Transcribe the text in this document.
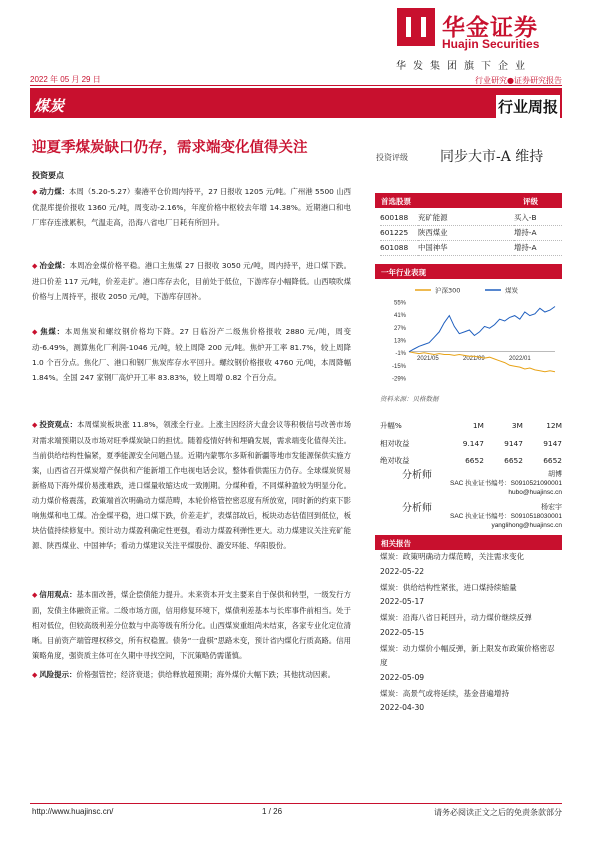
华金证券
Huajin Securities
华发集团旗下企业
2022 年 05 月 29 日	行业研究●证券研究报告
煤炭	行业周报
迎夏季煤炭缺口仍存，需求端变化值得关注
投资要点
◆ 动力煤：本周（5.20-5.27）秦港平仓价周内持平，27 日报收 1205 元/吨。广州港 5500 山西优混库提价报收 1360 元/吨，周变动-2.16%，年度价格中枢较去年增 14.38%。近期港口和电厂库存连涨累积，气温走高，沿海八省电厂日耗有所回升。
◆ 冶金煤：本周冶金煤价格平稳。港口主焦煤 27 日报收 3050 元/吨，周内持平，进口煤下跌。进口价差 117 元/吨，价差走扩。港口库存去化，目前处于低位，下游库存小幅降低。山西喷吹煤价格与上周持平，报收 2050 元/吨，下游库存回补。
◆ 焦煤：本周焦炭和螺纹钢价格均下降。27 日临汾产二级焦价格报收 2880 元/吨，周变动-6.49%，测算焦化厂利润-1046 元/吨，较上周降 200 元/吨。焦炉开工率 81.7%，较上周降 1.0 个百分点。焦化厂、港口和钢厂焦炭库存水平回升。螺纹钢价格报收 4760 元/吨，本周降幅 1.84%。全国 247 家钢厂高炉开工率 83.83%，较上周增 0.82 个百分点。
◆ 投资观点：本周煤炭板块涨 11.8%，领涨全行业。上涨主因经济大盘会议等积极信号改善市场对需求端预期以及市场对旺季煤炭缺口的担忧。随着疫情好转和埋确发展，需求端变化值得关注。当前供给结构性偏紧，夏季能源安全问题凸显。近期内蒙鄂尔多斯和新疆等地市发能源保供实施方案，山西省召开煤炭增产保供和产能新增工作电视电话会议，整体看供需压力仍存。全球煤炭贸易新格局下海外煤价易涨难跌，进口煤量收缩达成一致刚期。分煤种看，不同煤种盈较为明显分化。动力煤价格震荡，政策端首次明确动力煤范畴，本轮价格管控密忍度有所放宽，同时新的约束下影响焦煤和电工煤。冶金煤平稳，进口煤下跌，价差走扩，表煤部故后，板块动态估值回到低位，板块估值持续修复中。预计动力煤盈利确定性更强，看动力煤盈利弹性更大。动力煤建议关注兖矿能源、陕西煤业、中国神华；看动力煤建议关注平煤股份、潞安环能、华阳股份。
◆ 信用观点：基本面改善，煤企偿债能力提升。未来资本开支主要来自于保供和转型，一级发行方面，发债主体融资正常。二级市场方面，信用修复环境下，煤债利差基本与长库事件前相当。处于相对低位，但较高级利差分位数与中高等级有所分化。山西煤炭重组尚未结束，各家专业化定位清晰。目前资产端管理权移交，所有权稳置。债务“一盘棋”思路未变，预计省内煤化行质高路。信用策略角度，强资质主体可在久期中寻找空间，下沉策略仍需谨慎。
◆ 风险提示：价格强管控；经济衰退；供给释放超预期；海外煤价大幅下跌；其他扰动因素。
投资评级 同步大市-A 维持
首选股票	评级
600188	兖矿能源	买入-B
601225	陕西煤业	增持-A
601088	中国神华	增持-A
一年行业表现
55%
41%
27%
13%
-1%
-15%
-29%
2021/05	2021/09	2022/01
沪深300	煤炭
资料来源：贝格数据
升幅%	1M	3M	12M
相对收益	9.147	9147	9147
绝对收益	6652	6652	6652
分析师	胡博
SAC 执业证书编号：S0910521090001
hubo@huajinsc.cn
分析师	杨宏宇
SAC 执业证书编号：S0910518030001
yanglihong@huajinsc.cn
相关报告
煤炭：政策明确动力煤范畴，关注需求变化
2022-05-22
煤炭：供给结构性紧张，进口煤持续缩量
2022-05-17
煤炭：沿海八省日耗回升，动力煤价继续反弹
2022-05-15
煤炭：动力煤价小幅反弹，新上限发布政策价格密忍度
2022-05-09
煤炭：高景气或将延续，基金普遍增持
2022-04-30
http://www.huajinsc.cn/	1 / 26	请务必阅读正文之后的免责条款部分
